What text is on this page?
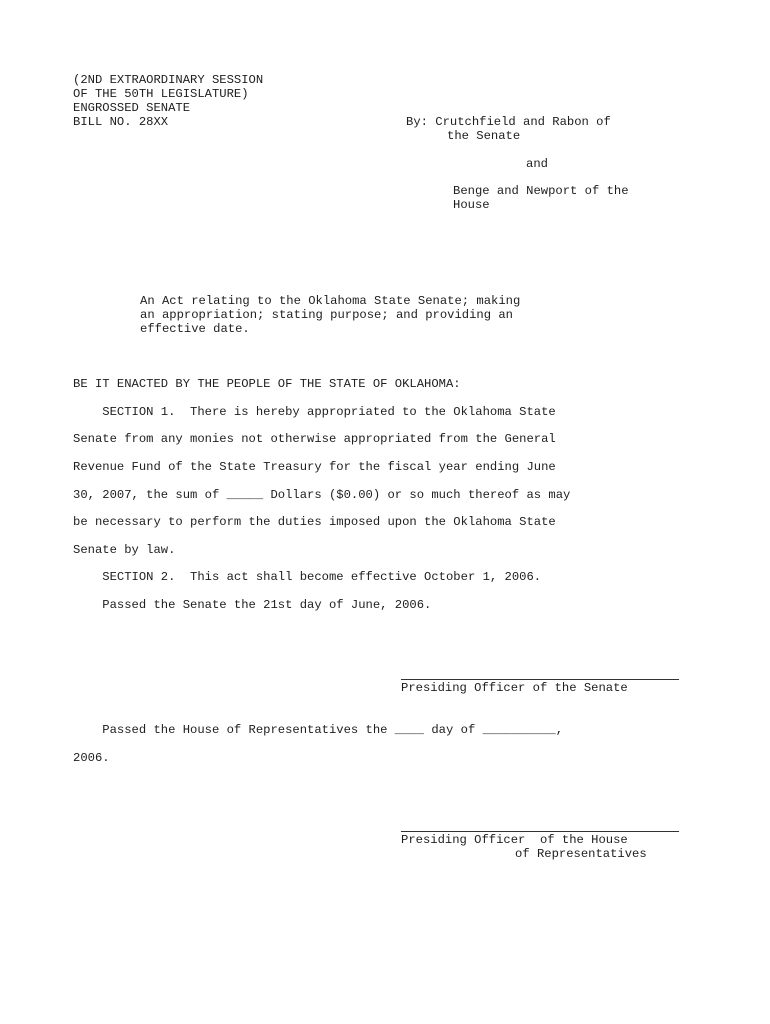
(2ND EXTRAORDINARY SESSION
OF THE 50TH LEGISLATURE)
ENGROSSED SENATE
BILL NO. 28XX	By: Crutchfield and Rabon of
the Senate
and
Benge and Newport of the
House
An Act relating to the Oklahoma State Senate; making
an appropriation; stating purpose; and providing an
effective date.
BE IT ENACTED BY THE PEOPLE OF THE STATE OF OKLAHOMA:
SECTION 1.  There is hereby appropriated to the Oklahoma State
Senate from any monies not otherwise appropriated from the General
Revenue Fund of the State Treasury for the fiscal year ending June
30, 2007, the sum of _____ Dollars ($0.00) or so much thereof as may
be necessary to perform the duties imposed upon the Oklahoma State
Senate by law.
SECTION 2.  This act shall become effective October 1, 2006.
Passed the Senate the 21st day of June, 2006.
Presiding Officer of the Senate
Passed the House of Representatives the ____ day of __________,
2006.
Presiding Officer  of the House
of Representatives
